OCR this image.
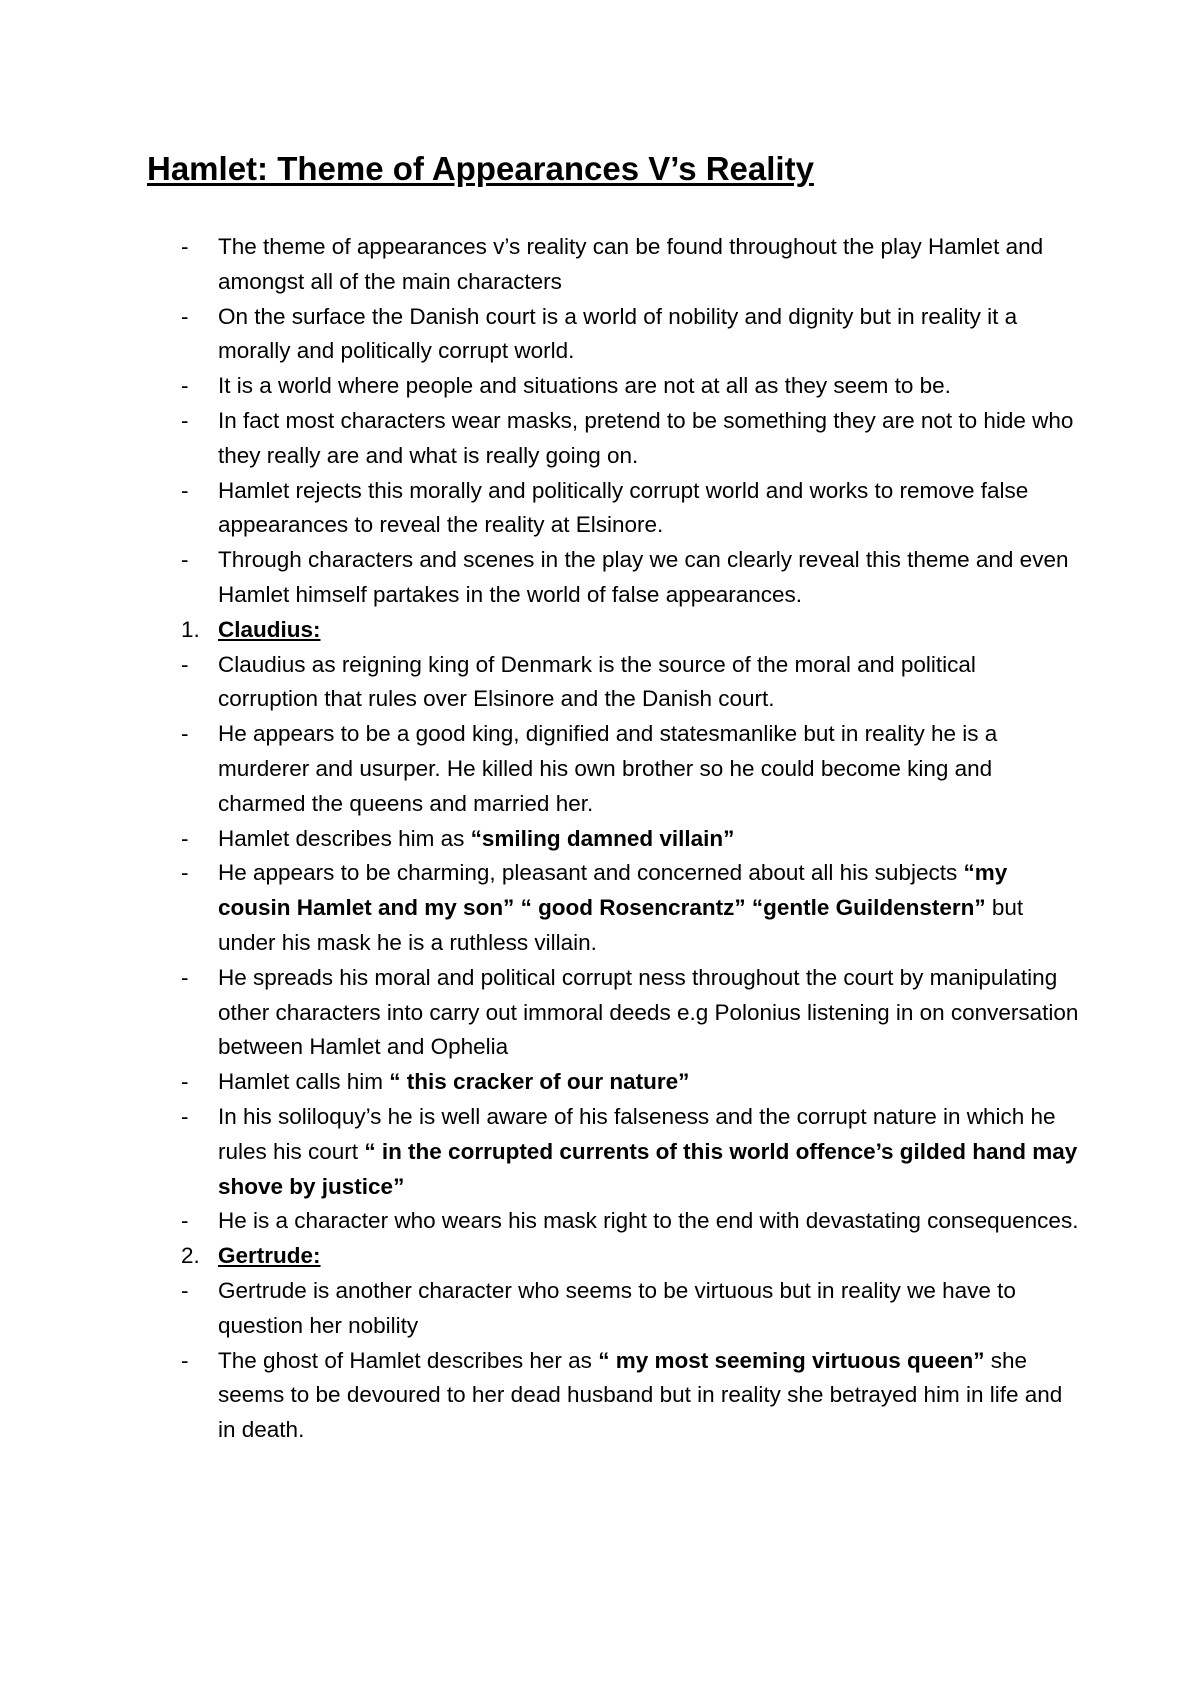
Hamlet: Theme of Appearances V’s Reality
- The theme of appearances v’s reality can be found throughout the play Hamlet and amongst all of the main characters
- On the surface the Danish court is a world of nobility and dignity but in reality it a morally and politically corrupt world.
- It is a world where people and situations are not at all as they seem to be.
- In fact most characters wear masks, pretend to be something they are not to hide who they really are and what is really going on.
- Hamlet rejects this morally and politically corrupt world and works to remove false appearances to reveal the reality at Elsinore.
- Through characters and scenes in the play we can clearly reveal this theme and even Hamlet himself partakes in the world of false appearances.
1. Claudius:
- Claudius as reigning king of Denmark is the source of the moral and political corruption that rules over Elsinore and the Danish court.
- He appears to be a good king, dignified and statesmanlike but in reality he is a murderer and usurper. He killed his own brother so he could become king and charmed the queens and married her.
- Hamlet describes him as “smiling damned villain”
- He appears to be charming, pleasant and concerned about all his subjects “my cousin Hamlet and my son” “ good Rosencrantz” “gentle Guildenstern” but under his mask he is a ruthless villain.
- He spreads his moral and political corrupt ness throughout the court by manipulating other characters into carry out immoral deeds e.g Polonius listening in on conversation between Hamlet and Ophelia
- Hamlet calls him “ this cracker of our nature”
- In his soliloquy’s he is well aware of his falseness and the corrupt nature in which he rules his court “ in the corrupted currents of this world offence’s gilded hand may shove by justice”
- He is a character who wears his mask right to the end with devastating consequences.
2. Gertrude:
- Gertrude is another character who seems to be virtuous but in reality we have to question her nobility
- The ghost of Hamlet describes her as “ my most seeming virtuous queen” she seems to be devoured to her dead husband but in reality she betrayed him in life and in death.
